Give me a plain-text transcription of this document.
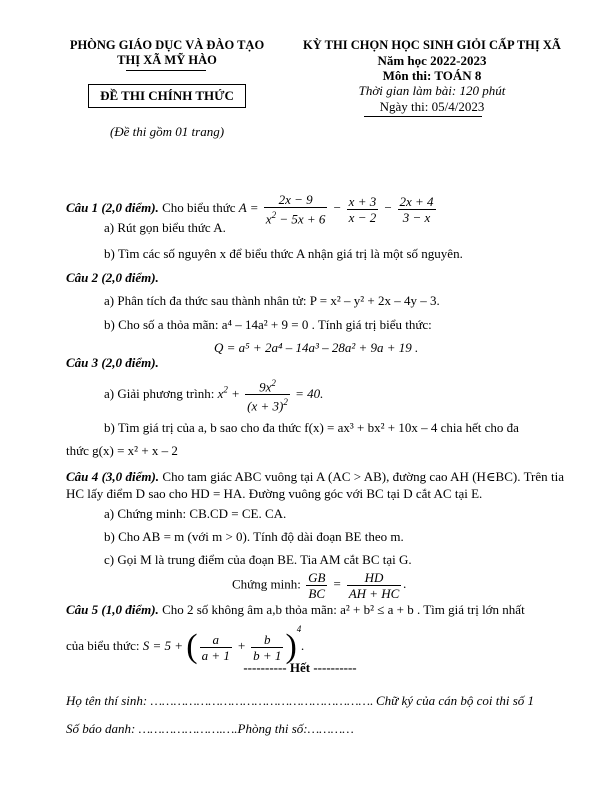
PHÒNG GIÁO DỤC VÀ ĐÀO TẠO
THỊ XÃ MỸ HÀO
ĐỀ THI CHÍNH THỨC
(Đề thi gồm 01 trang)
KỲ THI CHỌN HỌC SINH GIỎI CẤP THỊ XÃ
Năm học 2022-2023
Môn thi: TOÁN 8
Thời gian làm bài: 120 phút
Ngày thi: 05/4/2023
Câu 1 (2,0 điểm). Cho biểu thức $A = \frac{2x - 9}{x^2 - 5x + 6} - \frac{x + 3}{x - 2} - \frac{2x + 4}{3 - x}$
a) Rút gọn biểu thức A.
b) Tìm các số nguyên x để biểu thức A nhận giá trị là một số nguyên.
Câu 2 (2,0 điểm).
a) Phân tích đa thức sau thành nhân tử: P = x² – y² + 2x – 4y – 3.
b) Cho số a thỏa mãn: a⁴ – 14a² + 9 = 0 . Tính giá trị biểu thức:
Q = a⁵ + 2a⁴ – 14a³ – 28a² + 9a + 19 .
Câu 3 (2,0 điểm).
a) Giải phương trình: $x^2 + \frac{9x^2}{(x + 3)^2} = 40$.
b) Tìm giá trị của a, b sao cho đa thức f(x) = ax³ + bx² + 10x – 4 chia hết cho đa
thức g(x) = x² + x – 2
Câu 4 (3,0 điểm). Cho tam giác ABC vuông tại A (AC > AB), đường cao AH (H∈BC). Trên tia HC lấy điểm D sao cho HD = HA. Đường vuông góc với BC tại D cắt AC tại E.
a) Chứng minh: CB.CD = CE. CA.
b) Cho AB = m (với m > 0). Tính độ dài đoạn BE theo m.
c) Gọi M là trung điểm của đoạn BE. Tia AM cắt BC tại G.
Chứng minh: $\frac{GB}{BC} = \frac{HD}{AH + HC}$ .
Câu 5 (1,0 điểm). Cho 2 số không âm a,b thỏa mãn: a² + b² ≤ a + b . Tìm giá trị lớn nhất
của biểu thức: S = 5 + ( $\frac{a}{a + 1} + \frac{b}{b + 1} )^4$.
---------- Hết ----------
Họ tên thí sinh: …………………………………………………. Chữ ký của cán bộ coi thi số 1
Số báo danh: ………………….….Phòng thi số:…………
